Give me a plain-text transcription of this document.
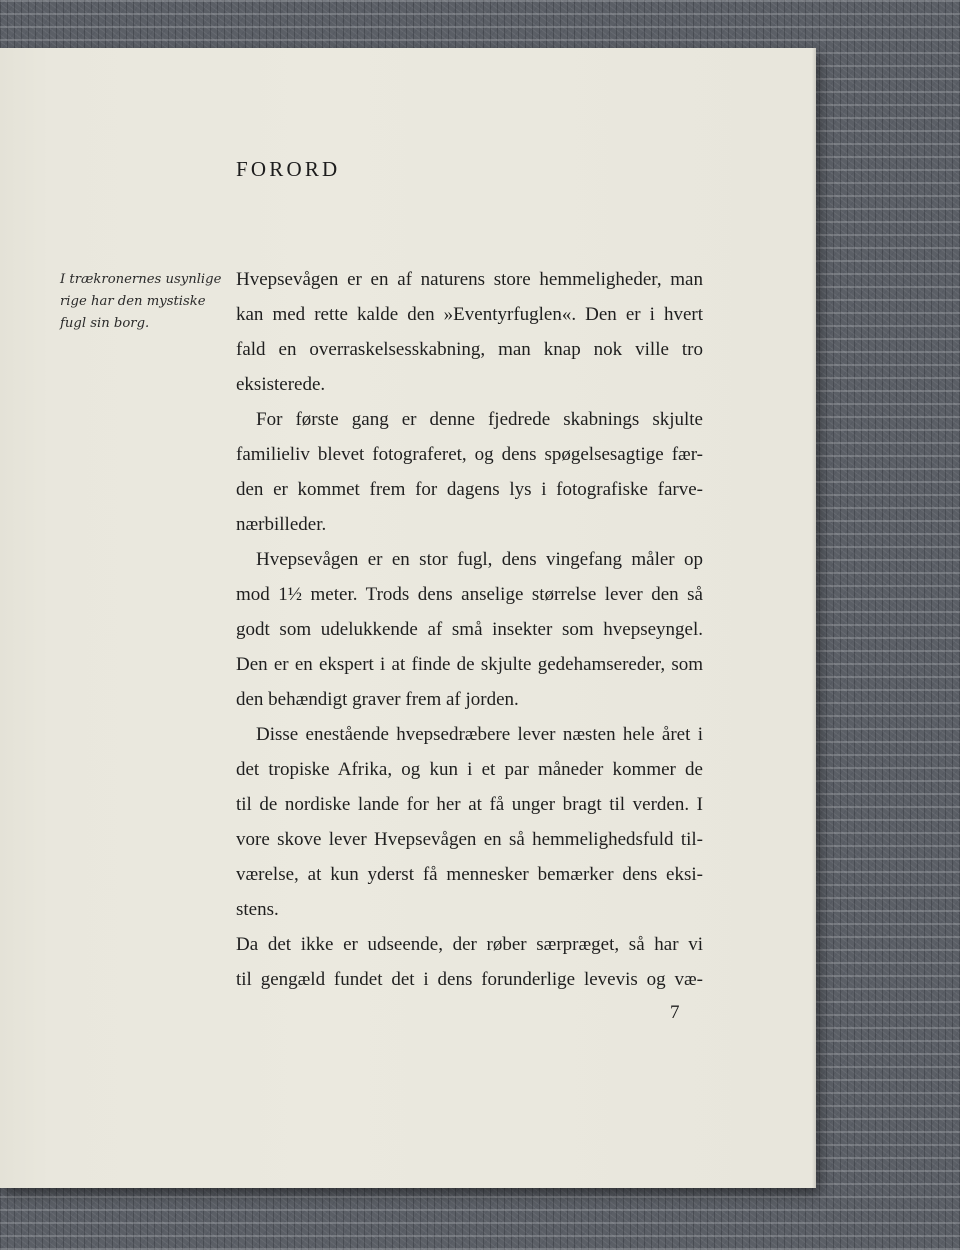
FORORD

I trækronernes usynlige
rige har den mystiske
fugl sin borg.

Hvepsevågen er en af naturens store hemmeligheder, man
kan med rette kalde den »Eventyrfuglen«. Den er i hvert
fald en overraskelsesskabning, man knap nok ville tro
eksisterede.
For første gang er denne fjedrede skabnings skjulte
familieliv blevet fotograferet, og dens spøgelsesagtige fær-
den er kommet frem for dagens lys i fotografiske farve-
nærbilleder.
Hvepsevågen er en stor fugl, dens vingefang måler op
mod 1½ meter. Trods dens anselige størrelse lever den så
godt som udelukkende af små insekter som hvepseyngel.
Den er en ekspert i at finde de skjulte gedehamsereder, som
den behændigt graver frem af jorden.
Disse enestående hvepsedræbere lever næsten hele året i
det tropiske Afrika, og kun i et par måneder kommer de
til de nordiske lande for her at få unger bragt til verden. I
vore skove lever Hvepsevågen en så hemmelighedsfuld til-
værelse, at kun yderst få mennesker bemærker dens eksi-
stens.
Da det ikke er udseende, der røber særpræget, så har vi
til gengæld fundet det i dens forunderlige levevis og væ-

7
